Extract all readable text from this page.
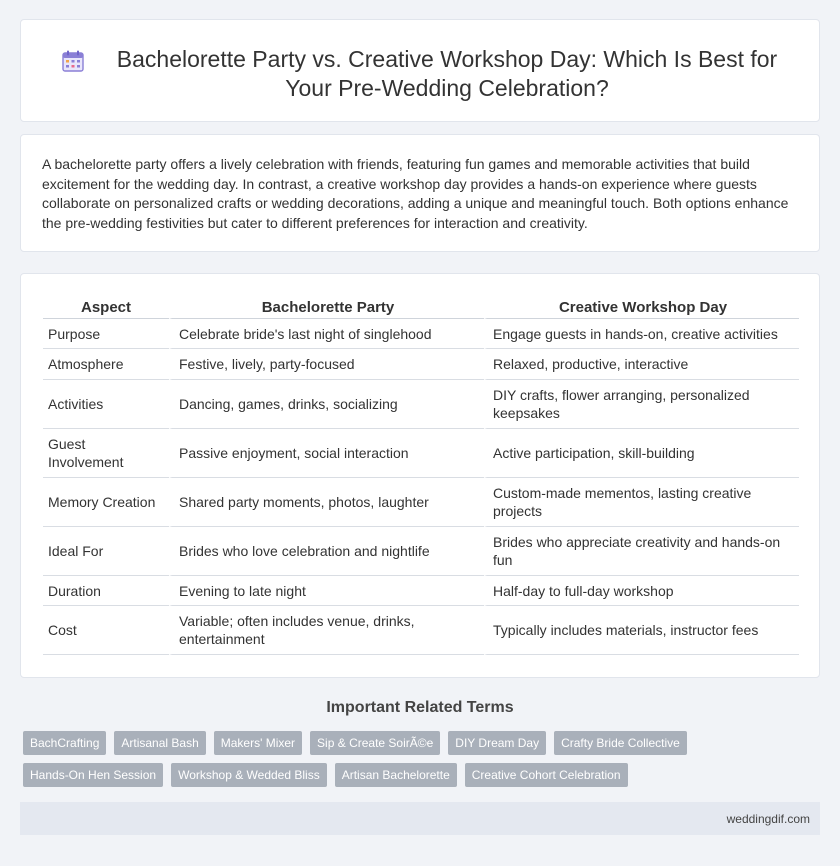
Bachelorette Party vs. Creative Workshop Day: Which Is Best for Your Pre-Wedding Celebration?

A bachelorette party offers a lively celebration with friends, featuring fun games and memorable activities that build excitement for the wedding day. In contrast, a creative workshop day provides a hands-on experience where guests collaborate on personalized crafts or wedding decorations, adding a unique and meaningful touch. Both options enhance the pre-wedding festivities but cater to different preferences for interaction and creativity.

Aspect	Bachelorette Party	Creative Workshop Day
Purpose	Celebrate bride's last night of singlehood	Engage guests in hands-on, creative activities
Atmosphere	Festive, lively, party-focused	Relaxed, productive, interactive
Activities	Dancing, games, drinks, socializing	DIY crafts, flower arranging, personalized keepsakes
Guest Involvement	Passive enjoyment, social interaction	Active participation, skill-building
Memory Creation	Shared party moments, photos, laughter	Custom-made mementos, lasting creative projects
Ideal For	Brides who love celebration and nightlife	Brides who appreciate creativity and hands-on fun
Duration	Evening to late night	Half-day to full-day workshop
Cost	Variable; often includes venue, drinks, entertainment	Typically includes materials, instructor fees
Important Related Terms
BachCrafting	Artisanal Bash	Makers' Mixer	Sip & Create SoirÃ©e	DIY Dream Day	Crafty Bride Collective
Hands-On Hen Session	Workshop & Wedded Bliss	Artisan Bachelorette	Creative Cohort Celebration
weddingdif.com
